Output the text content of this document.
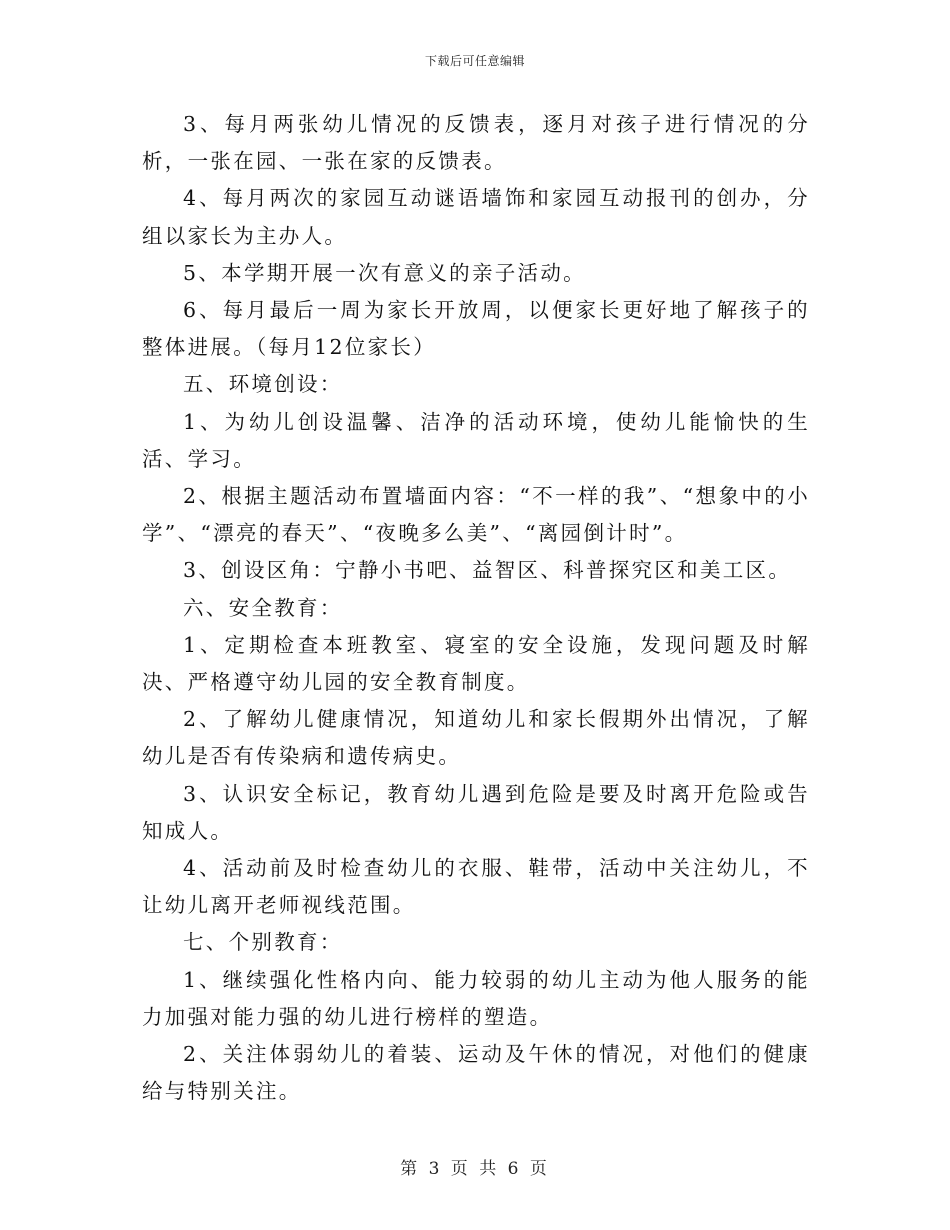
下载后可任意编辑

3、每月两张幼儿情况的反馈表，逐月对孩子进行情况的分析，一张在园、一张在家的反馈表。

4、每月两次的家园互动谜语墙饰和家园互动报刊的创办，分组以家长为主办人。

5、本学期开展一次有意义的亲子活动。

6、每月最后一周为家长开放周，以便家长更好地了解孩子的整体进展。（每月12位家长）

五、环境创设：

1、为幼儿创设温馨、洁净的活动环境，使幼儿能愉快的生活、学习。

2、根据主题活动布置墙面内容：“不一样的我”、“想象中的小学”、“漂亮的春天”、“夜晚多么美”、“离园倒计时”。

3、创设区角：宁静小书吧、益智区、科普探究区和美工区。

六、安全教育：

1、定期检查本班教室、寝室的安全设施，发现问题及时解决、严格遵守幼儿园的安全教育制度。

2、了解幼儿健康情况，知道幼儿和家长假期外出情况，了解幼儿是否有传染病和遗传病史。

3、认识安全标记，教育幼儿遇到危险是要及时离开危险或告知成人。

4、活动前及时检查幼儿的衣服、鞋带，活动中关注幼儿，不让幼儿离开老师视线范围。

七、个别教育：

1、继续强化性格内向、能力较弱的幼儿主动为他人服务的能力加强对能力强的幼儿进行榜样的塑造。

2、关注体弱幼儿的着装、运动及午休的情况，对他们的健康给与特别关注。

第 3 页 共 6 页
